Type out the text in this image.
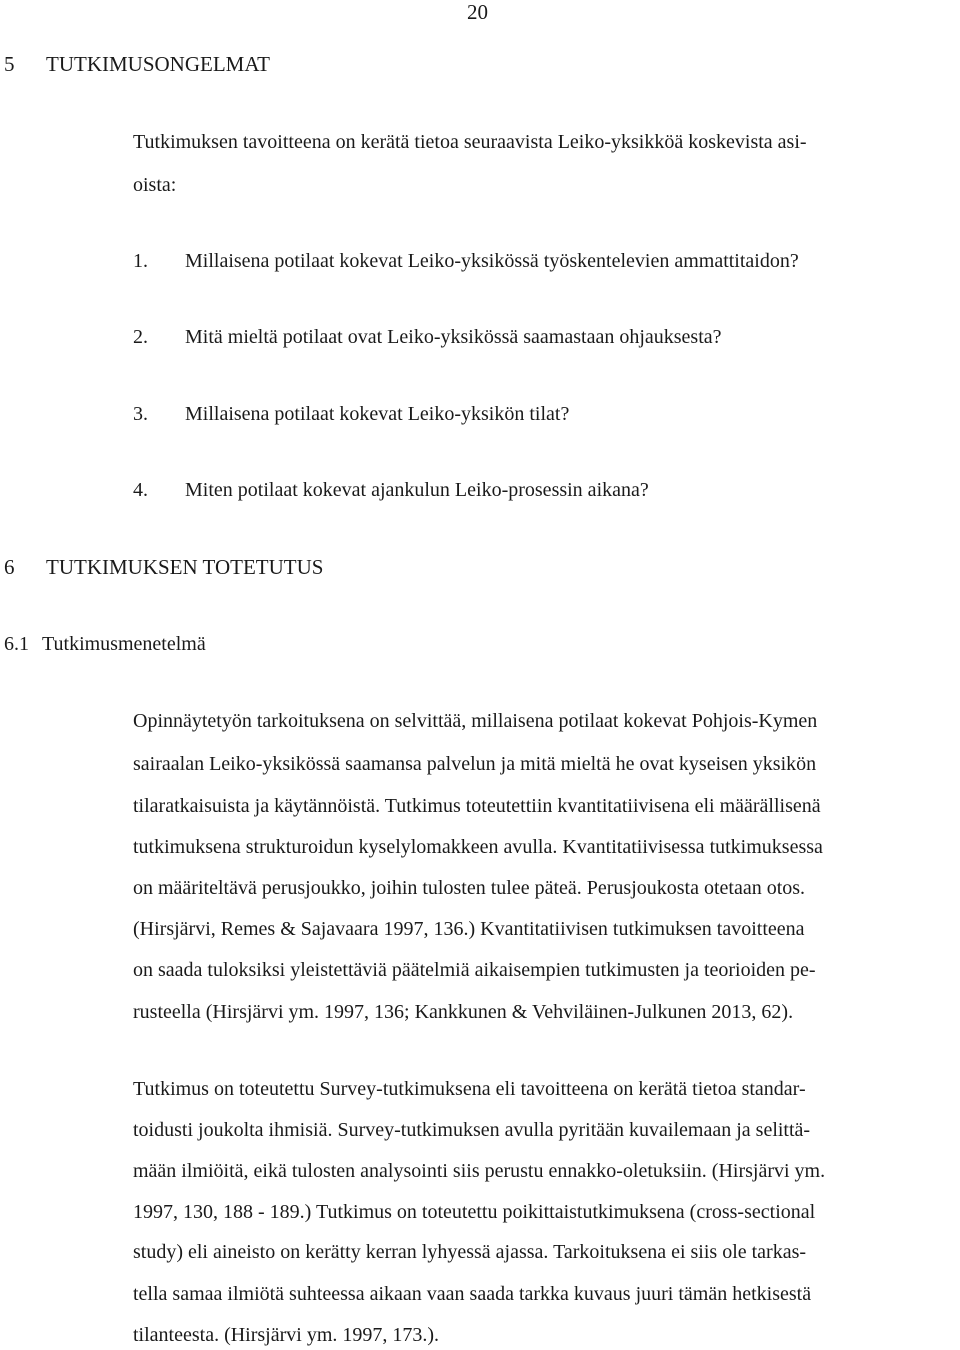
20
5 TUTKIMUSONGELMAT
Tutkimuksen tavoitteena on kerätä tietoa seuraavista Leiko-yksikköä koskevista asi-
oista:
1. Millaisena potilaat kokevat Leiko-yksikössä työskentelevien ammattitaidon?
2. Mitä mieltä potilaat ovat Leiko-yksikössä saamastaan ohjauksesta?
3. Millaisena potilaat kokevat Leiko-yksikön tilat?
4. Miten potilaat kokevat ajankulun Leiko-prosessin aikana?
6 TUTKIMUKSEN TOTETUTUS
6.1 Tutkimusmenetelmä
Opinnäytetyön tarkoituksena on selvittää, millaisena potilaat kokevat Pohjois-Kymen
sairaalan Leiko-yksikössä saamansa palvelun ja mitä mieltä he ovat kyseisen yksikön
tilaratkaisuista ja käytännöistä. Tutkimus toteutettiin kvantitatiivisena eli määrällisenä
tutkimuksena strukturoidun kyselylomakkeen avulla. Kvantitatiivisessa tutkimuksessa
on määriteltävä perusjoukko, joihin tulosten tulee päteä. Perusjoukosta otetaan otos.
(Hirsjärvi, Remes & Sajavaara 1997, 136.) Kvantitatiivisen tutkimuksen tavoitteena
on saada tuloksiksi yleistettäviä päätelmiä aikaisempien tutkimusten ja teorioiden pe-
rusteella (Hirsjärvi ym. 1997, 136; Kankkunen & Vehviläinen-Julkunen 2013, 62).
Tutkimus on toteutettu Survey-tutkimuksena eli tavoitteena on kerätä tietoa standar-
toidusti joukolta ihmisiä. Survey-tutkimuksen avulla pyritään kuvailemaan ja selittä-
mään ilmiöitä, eikä tulosten analysointi siis perustu ennakko-oletuksiin. (Hirsjärvi ym.
1997, 130, 188 - 189.) Tutkimus on toteutettu poikittaistutkimuksena (cross-sectional
study) eli aineisto on kerätty kerran lyhyessä ajassa. Tarkoituksena ei siis ole tarkas-
tella samaa ilmiötä suhteessa aikaan vaan saada tarkka kuvaus juuri tämän hetkisestä
tilanteesta. (Hirsjärvi ym. 1997, 173.).
